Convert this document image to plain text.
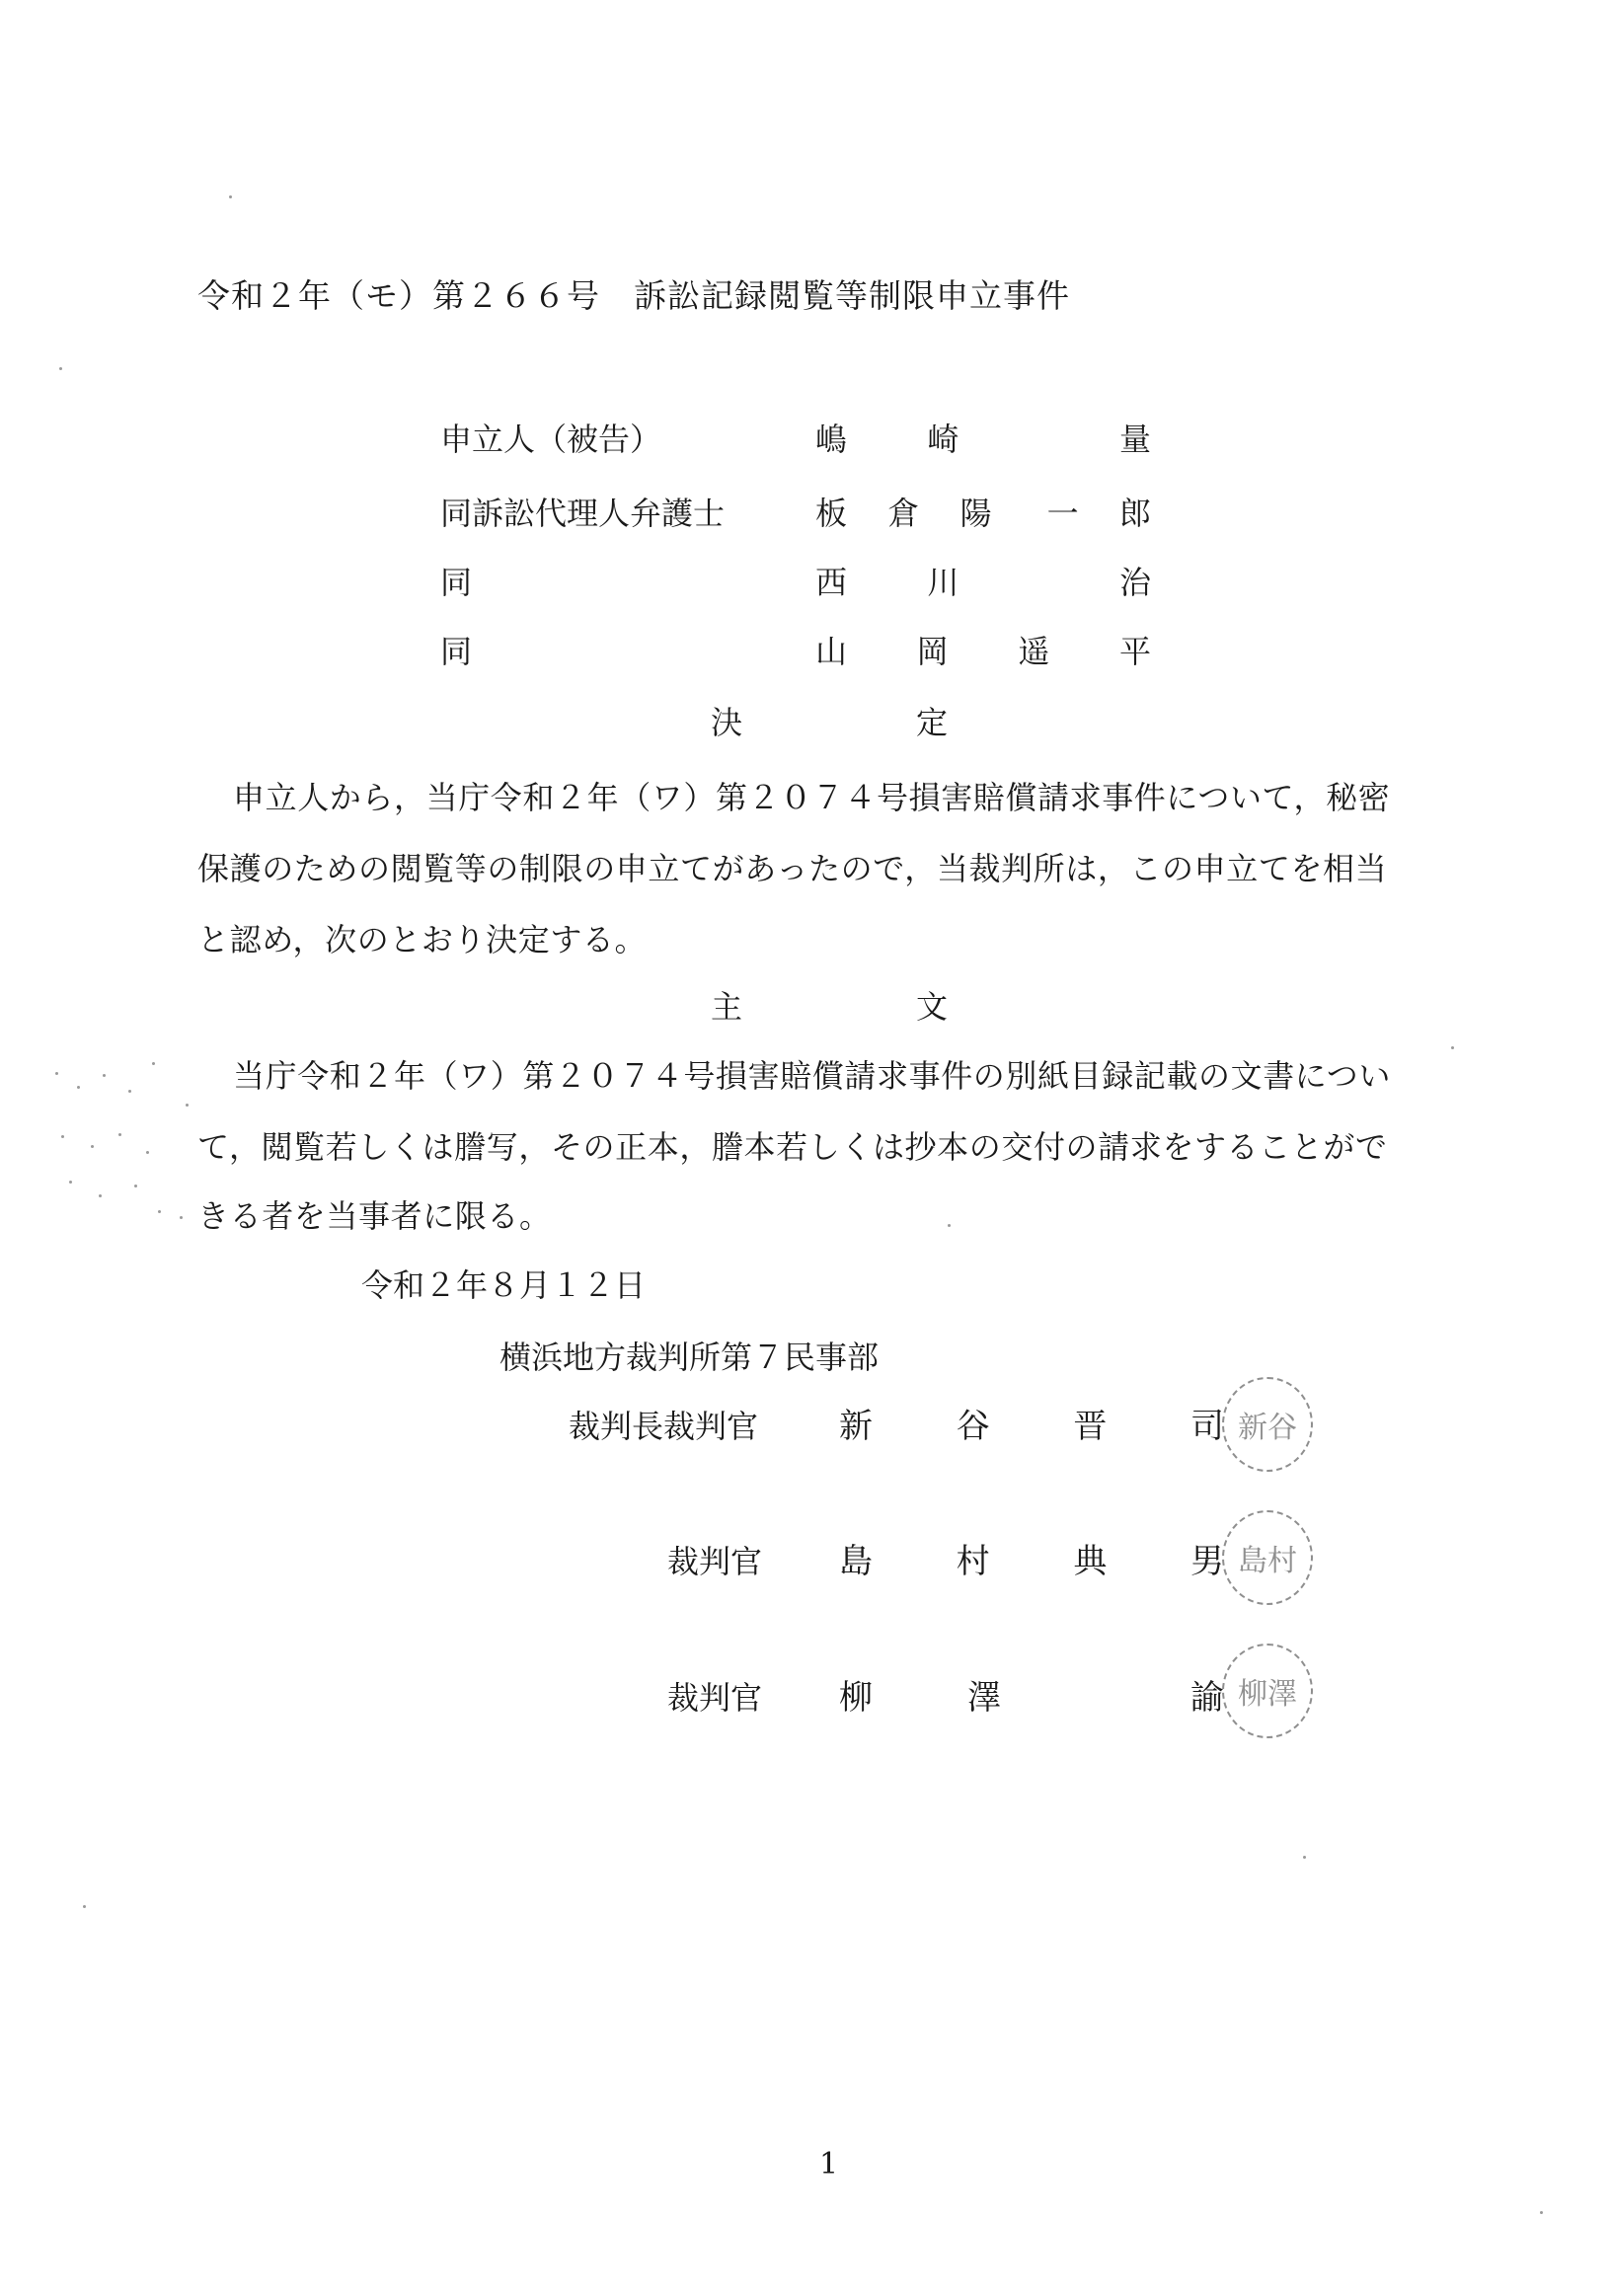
令和２年（モ）第２６６号　訴訟記録閲覧等制限申立事件
申立人（被告）	嶋	崎	量
同訴訟代理人弁護士	板 倉 陽 一 郎
同	西	川	治
同	山 岡 遥 平
決	定
申立人から，当庁令和２年（ワ）第２０７４号損害賠償請求事件について，秘密
保護のための閲覧等の制限の申立てがあったので，当裁判所は，この申立てを相当
と認め，次のとおり決定する。
主	文
当庁令和２年（ワ）第２０７４号損害賠償請求事件の別紙目録記載の文書につい
て，閲覧若しくは謄写，その正本，謄本若しくは抄本の交付の請求をすることがで
きる者を当事者に限る。
令和２年８月１２日
横浜地方裁判所第７民事部
裁判長裁判官 新 谷 晋 司 新谷
裁判官 島 村 典 男 島村
裁判官 柳	澤	諭 柳澤
1
